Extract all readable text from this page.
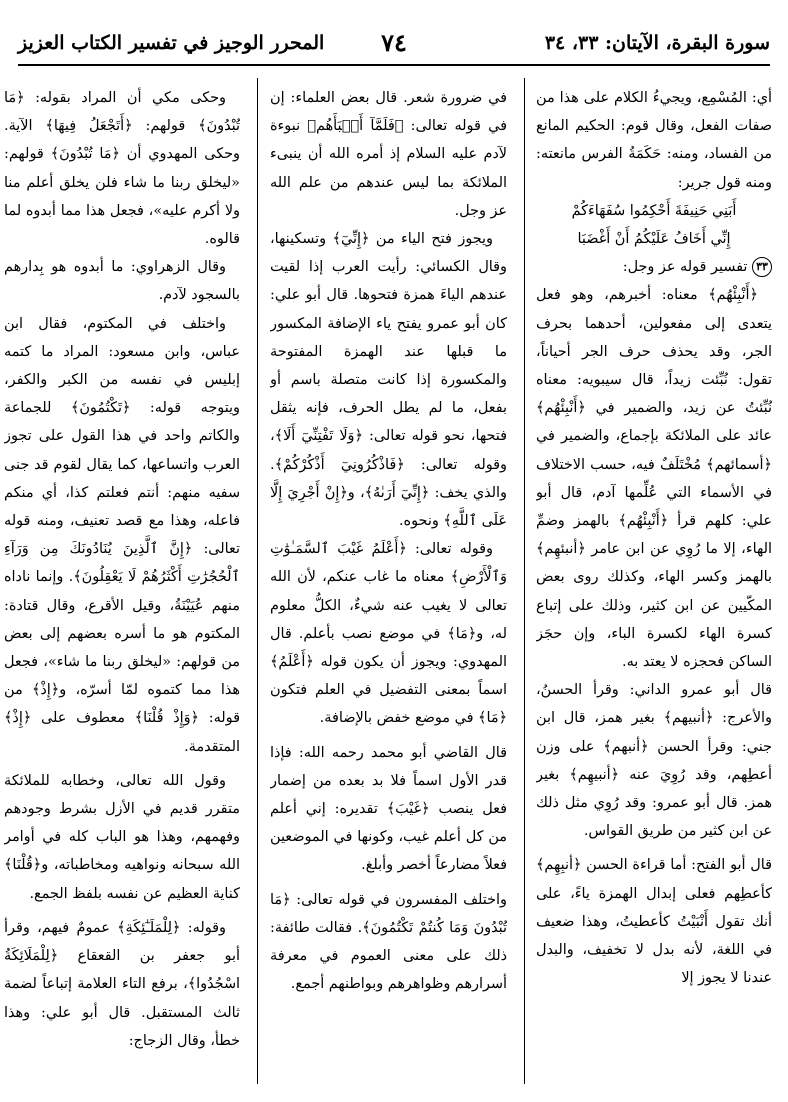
سورة البقرة، الآيتان: ٣٣، ٣٤
٧٤
المحرر الوجيز في تفسير الكتاب العزيز

أي: المُسْمِع، ويجيءُ الكلام على هذا من صفات الفعل، وقال قوم: الحكيم المانع من الفساد، ومنه: حَكَمَةُ الفرس مانعته: ومنه قول جرير:

أَبَنِي حَنِيفَةَ أَحْكِمُوا سُفَهَاءَكُمْ

إِنِّي أَخَافُ عَلَيْكُمُ أَنْ أَغْضَبَا

٣٣ تفسير قوله عز وجل:

﴿أَنْبِئْهُم﴾ معناه: أخبرهم، وهو فعل يتعدى إلى مفعولين، أحدهما بحرف الجر، وقد يحذف حرف الجر أحياناً، تقول: نُبِّئت زيداً، قال سيبويه: معناه نُبِّئتُ عن زيد، والضمير في ﴿أَنْبِئْهُم﴾ عائد على الملائكة بإجماع، والضمير في ﴿أسمائهم﴾ مُخْتَلَفٌ فيه، حسب الاختلاف في الأسماء التي عُلِّمها آدم، قال أبو علي: كلهم قرأ ﴿أَنْبِئْهُم﴾ بالهمز وضمِّ الهاء، إلا ما رُوِي عن ابن عامر ﴿أنبئهِم﴾ بالهمز وكسر الهاء، وكذلك روى بعض المكّيين عن ابن كثير، وذلك على إتباع كسرة الهاء لكسرة الباء، وإن حجَز الساكن فحجزه لا يعتد به.

قال أبو عمرو الداني: وقرأ الحسنُ، والأعرج: ﴿أنبيهم﴾ بغير همز، قال ابن جني: وقرأ الحسن ﴿أنبهم﴾ على وزن أعطِهم، وقد رُوِيَ عنه ﴿أنبيهِم﴾ بغير همز. قال أبو عمرو: وقد رُوِي مثل ذلك عن ابن كثير من طريق القواس.

قال أبو الفتح: أما قراءة الحسن ﴿أنبِهِم﴾ كأعطِهم فعلى إبدال الهمزة ياءً، على أنك تقول أَنْبَيْتُ كأعطيتُ، وهذا ضعيف في اللغة، لأنه بدل لا تخفيف، والبدل عندنا لا يجوز إلا

في ضرورة شعر. قال بعض العلماء: إن في قوله تعالى: ﴿فَلَمَّآ أَنۢبَأَهُم﴾ نبوءة لآدم عليه السلام إذ أمره الله أن ينبىء الملائكة بما ليس عندهم من علم الله عز وجل.

ويجوز فتح الياء من ﴿إِنِّيٓ﴾ وتسكينها، وقال الكسائي: رأيت العرب إذا لقيت عندهم الياءَ همزة فتحوها. قال أبو علي: كان أبو عمرو يفتح ياء الإضافة المكسور ما قبلها عند الهمزة المفتوحة والمكسورة إذا كانت متصلة باسم أو بفعل، ما لم يطل الحرف، فإنه يثقل فتحها، نحو قوله تعالى: ﴿وَلَا تَفْتِنِّيٓ أَلَا﴾، وقوله تعالى: ﴿فَاذْكُرُونِيٓ أَذْكُرْكُمْ﴾. والذي يخف: ﴿إِنِّيٓ أَرَىٰهُ﴾، و﴿إِنْ أَجْرِيَ إِلَّا عَلَى ٱللَّهِ﴾ ونحوه.

وقوله تعالى: ﴿أَعْلَمُ غَيْبَ ٱلسَّمَـٰوَٰتِ وَٱلْأَرْضِ﴾ معناه ما غاب عنكم، لأن الله تعالى لا يغيب عنه شيءٌ، الكلُّ معلوم له، و﴿مَا﴾ في موضع نصب بأعلم. قال المهدوي: ويجوز أن يكون قوله ﴿أَعْلَمُ﴾ اسماً بمعنى التفضيل في العلم فتكون ﴿مَا﴾ في موضع خفض بالإضافة.

قال القاضي أبو محمد رحمه الله: فإذا قدر الأول اسماً فلا بد بعده من إضمار فعل ينصب ﴿غَيْبَ﴾ تقديره: إني أعلم من كل أعلم غيب، وكونها في الموضعين فعلاً مضارعاً أخصر وأبلغ.

واختلف المفسرون في قوله تعالى: ﴿مَا تُبْدُونَ وَمَا كُنتُمْ تَكْتُمُونَ﴾. فقالت طائفة: ذلك على معنى العموم في معرفة أسرارهم وظواهرهم وبواطنهم أجمع.

وحكى مكي أن المراد بقوله: ﴿مَا تُبْدُونَ﴾ قولهم: ﴿أَتَجْعَلُ فِيهَا﴾ الآية. وحكى المهدوي أن ﴿مَا تُبْدُونَ﴾ قولهم: «ليخلق ربنا ما شاء فلن يخلق أعلم منا ولا أكرم عليه»، فجعل هذا مما أبدوه لما قالوه.

وقال الزهراوي: ما أبدوه هو بِدارهم بالسجود لآدم.

واختلف في المكتوم، فقال ابن عباس، وابن مسعود: المراد ما كتمه إبليس في نفسه من الكبر والكفر، ويتوجه قوله: ﴿تَكْتُمُونَ﴾ للجماعة والكاتم واحد في هذا القول على تجوز العرب واتساعها، كما يقال لقوم قد جنى سفيه منهم: أنتم فعلتم كذا، أي منكم فاعله، وهذا مع قصد تعنيف، ومنه قوله تعالى: ﴿إِنَّ ٱلَّذِينَ يُنَادُونَكَ مِن وَرَآءِ ٱلْحُجُرَٰتِ أَكْثَرُهُمْ لَا يَعْقِلُونَ﴾. وإنما ناداه منهم عُيَيْنَةُ، وقيل الأقرع، وقال قتادة: المكتوم هو ما أسره بعضهم إلى بعض من قولهم: «ليخلق ربنا ما شاء»، فجعل هذا مما كتموه لمّا أسرّه، و﴿إِذْ﴾ من قوله: ﴿وَإِذْ قُلْنَا﴾ معطوف على ﴿إِذْ﴾ المتقدمة.

وقول الله تعالى، وخطابه للملائكة متقرر قديم في الأزل بشرط وجودهم وفهمهم، وهذا هو الباب كله في أوامر الله سبحانه ونواهيه ومخاطباته، و﴿قُلْنَا﴾ كناية العظيم عن نفسه بلفظ الجمع.

وقوله: ﴿لِلْمَلَـٰٓئِكَةِ﴾ عمومٌ فيهم، وقرأ أبو جعفر بن القعقاع ﴿لِلْمَلَائِكَةُ اسْجُدُوا﴾، برفع التاء العلامة إتباعاً لضمة ثالث المستقبل. قال أبو علي: وهذا خطأ، وقال الزجاج:
